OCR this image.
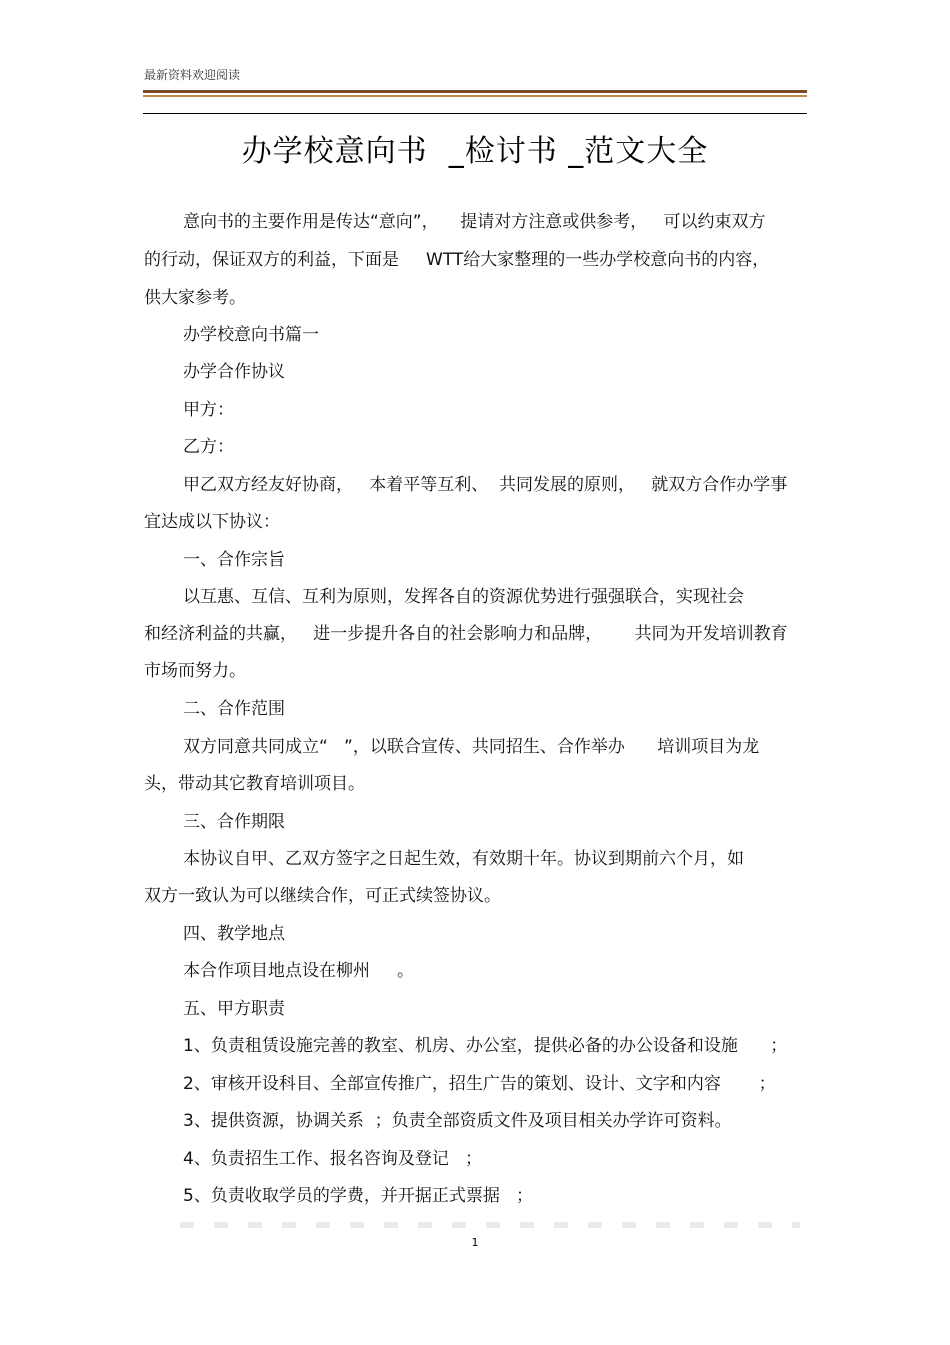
最新资料欢迎阅读
办学校意向书  _检讨书 _范文大全
意向书的主要作用是传达“意向”，    提请对方注意或供参考，   可以约束双方
的行动，保证双方的利益，下面是     WTT给大家整理的一些办学校意向书的内容，
供大家参考。
办学校意向书篇一
办学合作协议
甲方：
乙方：
甲乙双方经友好协商，   本着平等互利、  共同发展的原则，   就双方合作办学事
宜达成以下协议：
一、合作宗旨
以互惠、互信、互利为原则，发挥各自的资源优势进行强强联合，实现社会
和经济利益的共赢，   进一步提升各自的社会影响力和品牌，      共同为开发培训教育
市场而努力。
二、合作范围
双方同意共同成立“   ”，以联合宣传、共同招生、合作举办      培训项目为龙
头，带动其它教育培训项目。
三、合作期限
本协议自甲、乙双方签字之日起生效，有效期十年。协议到期前六个月，如
双方一致认为可以继续合作，可正式续签协议。
四、教学地点
本合作项目地点设在柳州     。
五、甲方职责
1、负责租赁设施完善的教室、机房、办公室，提供必备的办公设备和设施      ；
2、审核开设科目、全部宣传推广，招生广告的策划、设计、文字和内容       ；
3、提供资源，协调关系  ；负责全部资质文件及项目相关办学许可资料。
4、负责招生工作、报名咨询及登记   ；
5、负责收取学员的学费，并开据正式票据   ；
1
